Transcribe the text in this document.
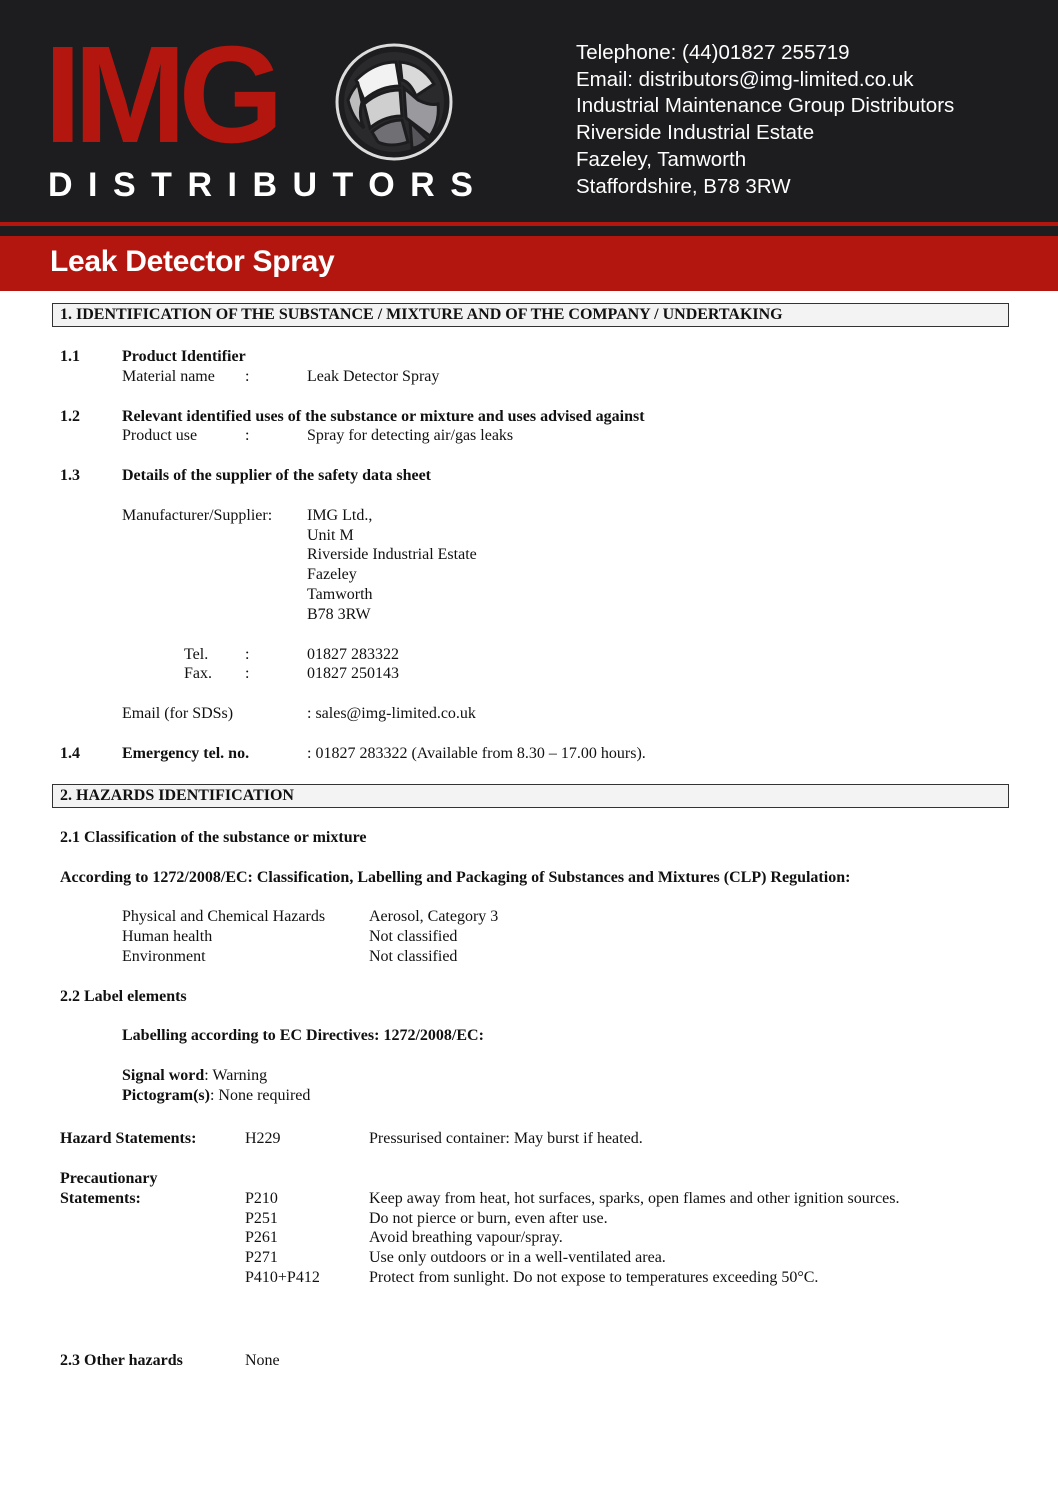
IMG
DISTRIBUTORS
Telephone: (44)01827 255719
Email: distributors@img-limited.co.uk
Industrial Maintenance Group Distributors
Riverside Industrial Estate
Fazeley, Tamworth
Staffordshire, B78 3RW
Leak Detector Spray
1. IDENTIFICATION OF THE SUBSTANCE / MIXTURE AND OF THE COMPANY / UNDERTAKING
1.1	Product Identifier
Material name :	Leak Detector Spray
1.2	Relevant identified uses of the substance or mixture and uses advised against
Product use	:	Spray for detecting air/gas leaks
1.3	Details of the supplier of the safety data sheet
Manufacturer/Supplier: IMG Ltd.,
Unit M
Riverside Industrial Estate
Fazeley
Tamworth
B78 3RW
Tel. :	01827 283322
Fax. :	01827 250143
Email (for SDSs)	: sales@img-limited.co.uk
1.4	Emergency tel. no.	: 01827 283322 (Available from 8.30 – 17.00 hours).
2. HAZARDS IDENTIFICATION
2.1 Classification of the substance or mixture
According to 1272/2008/EC: Classification, Labelling and Packaging of Substances and Mixtures (CLP) Regulation:
Physical and Chemical Hazards	Aerosol, Category 3
Human health	Not classified
Environment	Not classified
2.2 Label elements
Labelling according to EC Directives: 1272/2008/EC:
Signal word: Warning
Pictogram(s): None required
Hazard Statements:	H229	Pressurised container: May burst if heated.
Precautionary
Statements:	P210	Keep away from heat, hot surfaces, sparks, open flames and other ignition sources.
P251	Do not pierce or burn, even after use.
P261	Avoid breathing vapour/spray.
P271	Use only outdoors or in a well-ventilated area.
P410+P412	Protect from sunlight. Do not expose to temperatures exceeding 50°C.
2.3 Other hazards	None
